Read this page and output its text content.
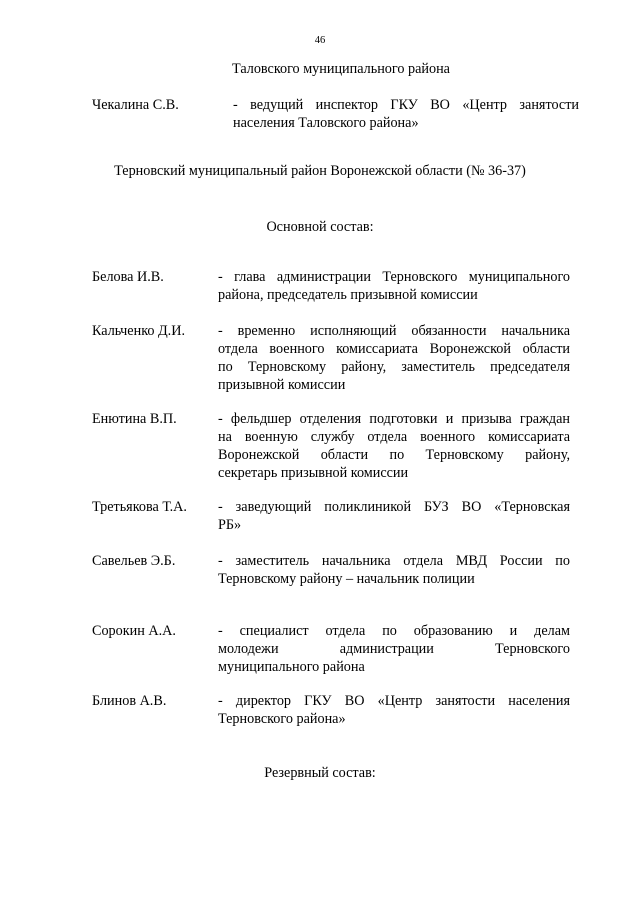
46
Таловского муниципального района
Чекалина С.В.	- ведущий инспектор ГКУ ВО «Центр занятости
населения Таловского района»
Терновский муниципальный район Воронежской области (№ 36-37)
Основной состав:
Белова И.В.	- глава администрации Терновского муниципального
района, председатель призывной комиссии
Кальченко Д.И. - временно исполняющий обязанности начальника
отдела военного комиссариата Воронежской области
по Терновскому району, заместитель председателя
призывной комиссии
Енютина В.П.	- фельдшер отделения подготовки и призыва граждан
на военную службу отдела военного комиссариата
Воронежской области по Терновскому району,
секретарь призывной комиссии
Третьякова Т.А. - заведующий поликлиникой БУЗ ВО «Терновская
РБ»
Савельев Э.Б.	- заместитель начальника отдела МВД России по
Терновскому району – начальник полиции
Сорокин А.А.	- специалист отдела по образованию и делам
молодежи администрации Терновского
муниципального района
Блинов А.В.	- директор ГКУ ВО «Центр занятости населения
Терновского района»
Резервный состав:
